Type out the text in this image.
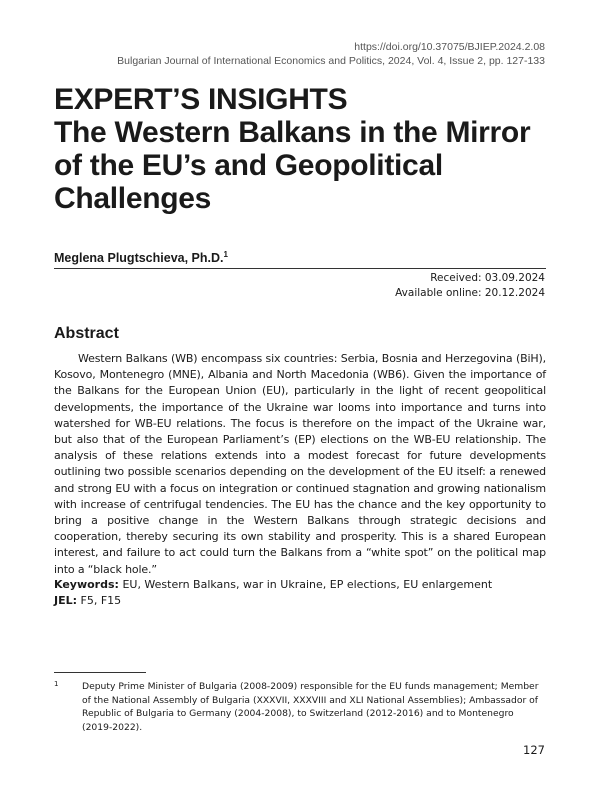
https://doi.org/10.37075/BJIEP.2024.2.08
Bulgarian Journal of International Economics and Politics, 2024, Vol. 4, Issue 2, pp. 127-133
EXPERT’S INSIGHTS
The Western Balkans in the Mirror
of the EU’s and Geopolitical
Challenges
Meglena Plugtschieva, Ph.D.$^1$
Received: 03.09.2024
Available online: 20.12.2024
Abstract

Western Balkans (WB) encompass six countries: Serbia, Bosnia and Herzegovina (BiH), Kosovo, Montenegro (MNE), Albania and North Macedonia (WB6). Given the importance of the Balkans for the European Union (EU), particularly in the light of recent geopolitical developments, the importance of the Ukraine war looms into importance and turns into watershed for WB-EU relations. The focus is therefore on the impact of the Ukraine war, but also that of the European Parliament’s (EP) elections on the WB-EU relationship. The analysis of these relations extends into a modest forecast for future developments outlining two possible scenarios depending on the development of the EU itself: a renewed and strong EU with a focus on integration or continued stagnation and growing nationalism with increase of centrifugal tendencies. The EU has the chance and the key opportunity to bring a positive change in the Western Balkans through strategic decisions and cooperation, thereby securing its own stability and prosperity. This is a shared European interest, and failure to act could turn the Balkans from a “white spot” on the political map into a “black hole.”

Keywords: EU, Western Balkans, war in Ukraine, EP elections, EU enlargement
JEL: F5, F15
1	Deputy Prime Minister of Bulgaria (2008-2009) responsible for the EU funds management; Member of the National Assembly of Bulgaria (XXXVII, XXXVIII and XLI National Assemblies); Ambassador of Republic of Bulgaria to Germany (2004-2008), to Switzerland (2012-2016) and to Montenegro (2019-2022).
127
